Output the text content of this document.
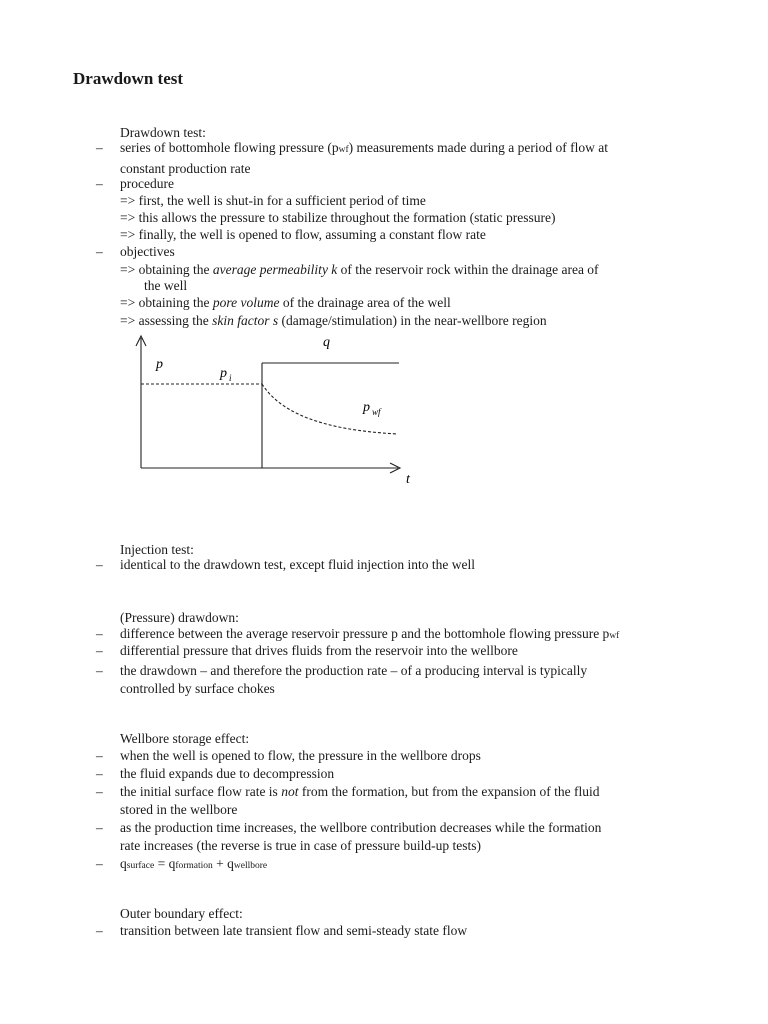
Drawdown test
Drawdown test:
– series of bottomhole flowing pressure (pwf) measurements made during a period of flow at
constant production rate
– procedure
=> first, the well is shut-in for a sufficient period of time
=> this allows the pressure to stabilize throughout the formation (static pressure)
=> finally, the well is opened to flow, assuming a constant flow rate
– objectives
=> obtaining the average permeability k of the reservoir rock within the drainage area of
the well
=> obtaining the pore volume of the drainage area of the well
=> assessing the skin factor s (damage/stimulation) in the near-wellbore region
p
p i
q
p wf
t
Injection test:
– identical to the drawdown test, except fluid injection into the well
(Pressure) drawdown:
– difference between the average reservoir pressure p and the bottomhole flowing pressure pwf
– differential pressure that drives fluids from the reservoir into the wellbore
– the drawdown – and therefore the production rate – of a producing interval is typically
controlled by surface chokes
Wellbore storage effect:
– when the well is opened to flow, the pressure in the wellbore drops
– the fluid expands due to decompression
– the initial surface flow rate is not from the formation, but from the expansion of the fluid
stored in the wellbore
– as the production time increases, the wellbore contribution decreases while the formation
rate increases (the reverse is true in case of pressure build-up tests)
– qsurface = qformation + qwellbore
Outer boundary effect:
– transition between late transient flow and semi-steady state flow
